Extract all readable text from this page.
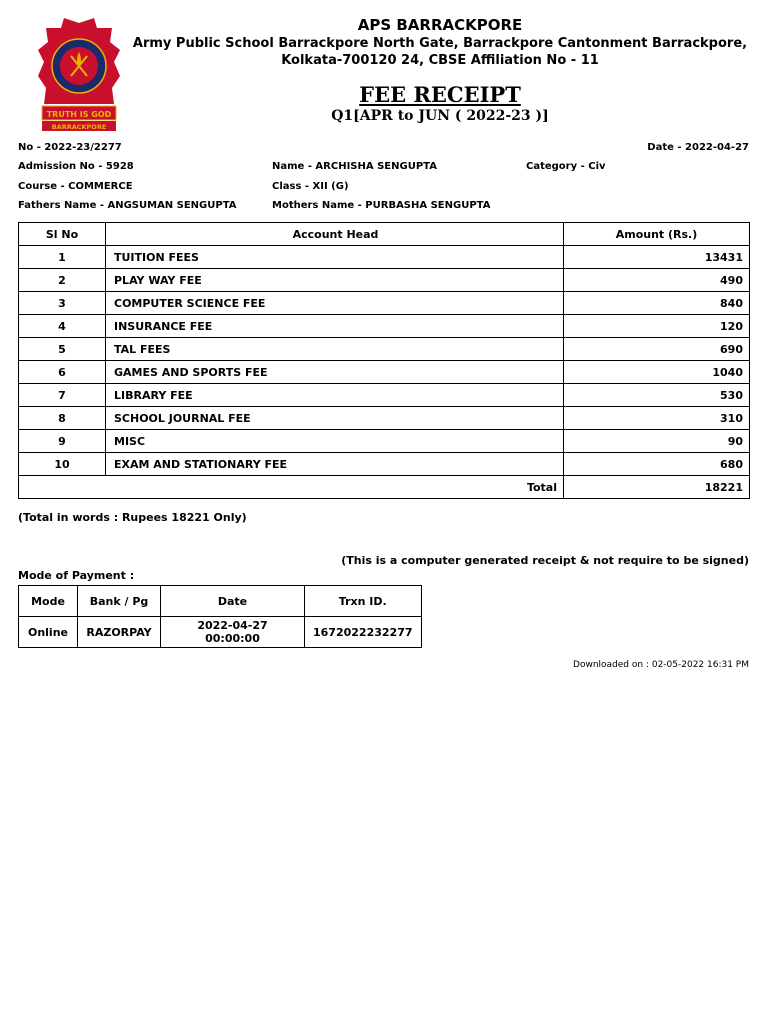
TRUTH IS GOD
BARRACKPORE
APS BARRACKPORE
Army Public School Barrackpore North Gate, Barrackpore Cantonment Barrackpore,
Kolkata-700120 24, CBSE Affiliation No - 11
FEE RECEIPT
Q1[APR to JUN ( 2022-23 )]
No - 2022-23/2277	Date - 2022-04-27
Admission No - 5928	Name - ARCHISHA SENGUPTA	Category - Civ
Course - COMMERCE	Class - XII (G)
Fathers Name - ANGSUMAN SENGUPTA	Mothers Name - PURBASHA SENGUPTA
Sl No	Account Head	Amount (Rs.)
1	TUITION FEES	13431
2	PLAY WAY FEE	490
3	COMPUTER SCIENCE FEE	840
4	INSURANCE FEE	120
5	TAL FEES	690
6	GAMES AND SPORTS FEE	1040
7	LIBRARY FEE	530
8	SCHOOL JOURNAL FEE	310
9	MISC	90
10	EXAM AND STATIONARY FEE	680
Total		18221
(Total in words : Rupees 18221 Only)
(This is a computer generated receipt & not require to be signed)
Mode of Payment :
Mode	Bank / Pg	Date	Trxn ID.
Online	RAZORPAY	2022-04-27 00:00:00	1672022232277
Downloaded on : 02-05-2022 16:31 PM
